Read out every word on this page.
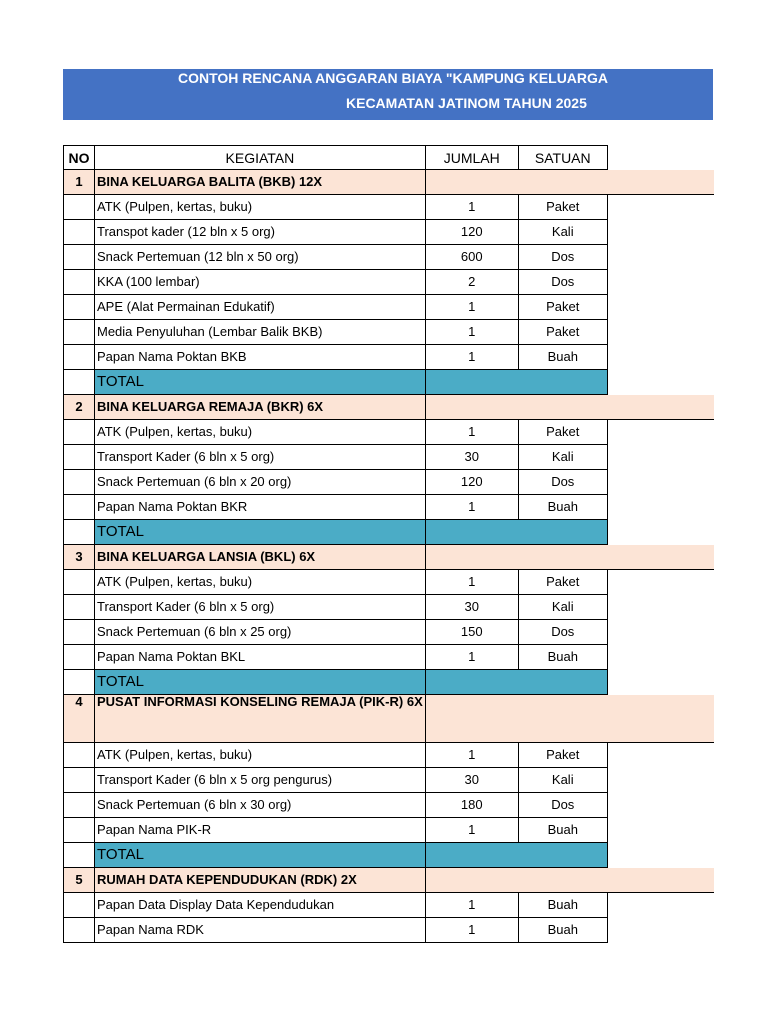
CONTOH RENCANA ANGGARAN BIAYA "KAMPUNG KELUARGA
KECAMATAN JATINOM TAHUN 2025
NO	KEGIATAN	JUMLAH	SATUAN	
1	BINA KELUARGA BALITA (BKB) 12X			
	ATK (Pulpen, kertas, buku)	1	Paket	
	Transpot kader (12 bln x 5 org)	120	Kali	
	Snack Pertemuan (12 bln x 50 org)	600	Dos	
	KKA (100 lembar)	2	Dos	
	APE (Alat Permainan Edukatif)	1	Paket	
	Media Penyuluhan (Lembar Balik BKB)	1	Paket	
	Papan Nama Poktan BKB	1	Buah	
	TOTAL			
2	BINA KELUARGA REMAJA (BKR) 6X			
	ATK (Pulpen, kertas, buku)	1	Paket	
	Transport Kader (6 bln x 5 org)	30	Kali	
	Snack Pertemuan (6 bln x 20 org)	120	Dos	
	Papan Nama Poktan BKR	1	Buah	
	TOTAL			
3	BINA KELUARGA LANSIA (BKL) 6X			
	ATK (Pulpen, kertas, buku)	1	Paket	
	Transport Kader (6 bln x 5 org)	30	Kali	
	Snack Pertemuan (6 bln x 25 org)	150	Dos	
	Papan Nama Poktan BKL	1	Buah	
	TOTAL			
4	PUSAT INFORMASI KONSELING REMAJA (PIK-R) 6X			
	ATK (Pulpen, kertas, buku)	1	Paket	
	Transport Kader (6 bln x 5 org pengurus)	30	Kali	
	Snack Pertemuan (6 bln x 30 org)	180	Dos	
	Papan Nama PIK-R	1	Buah	
	TOTAL			
5	RUMAH DATA KEPENDUDUKAN (RDK) 2X			
	Papan Data Display Data Kependudukan	1	Buah	
	Papan Nama RDK	1	Buah	
